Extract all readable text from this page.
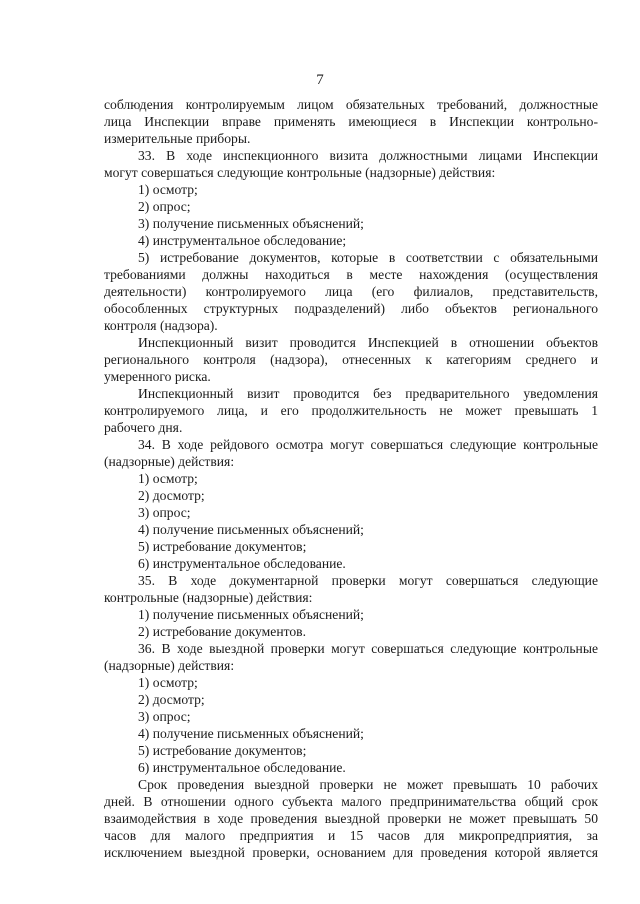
7
соблюдения контролируемым лицом обязательных требований, должностные
лица Инспекции вправе применять имеющиеся в Инспекции контрольно-
измерительные приборы.
33. В ходе инспекционного визита должностными лицами Инспекции
могут совершаться следующие контрольные (надзорные) действия:
1) осмотр;
2) опрос;
3) получение письменных объяснений;
4) инструментальное обследование;
5) истребование документов, которые в соответствии с обязательными
требованиями должны находиться в месте нахождения (осуществления
деятельности) контролируемого лица (его филиалов, представительств,
обособленных структурных подразделений) либо объектов регионального
контроля (надзора).
Инспекционный визит проводится Инспекцией в отношении объектов
регионального контроля (надзора), отнесенных к категориям среднего и
умеренного риска.
Инспекционный визит проводится без предварительного уведомления
контролируемого лица, и его продолжительность не может превышать 1
рабочего дня.
34. В ходе рейдового осмотра могут совершаться следующие контрольные
(надзорные) действия:
1) осмотр;
2) досмотр;
3) опрос;
4) получение письменных объяснений;
5) истребование документов;
6) инструментальное обследование.
35. В ходе документарной проверки могут совершаться следующие
контрольные (надзорные) действия:
1) получение письменных объяснений;
2) истребование документов.
36. В ходе выездной проверки могут совершаться следующие контрольные
(надзорные) действия:
1) осмотр;
2) досмотр;
3) опрос;
4) получение письменных объяснений;
5) истребование документов;
6) инструментальное обследование.
Срок проведения выездной проверки не может превышать 10 рабочих
дней. В отношении одного субъекта малого предпринимательства общий срок
взаимодействия в ходе проведения выездной проверки не может превышать 50
часов для малого предприятия и 15 часов для микропредприятия, за
исключением выездной проверки, основанием для проведения которой является
